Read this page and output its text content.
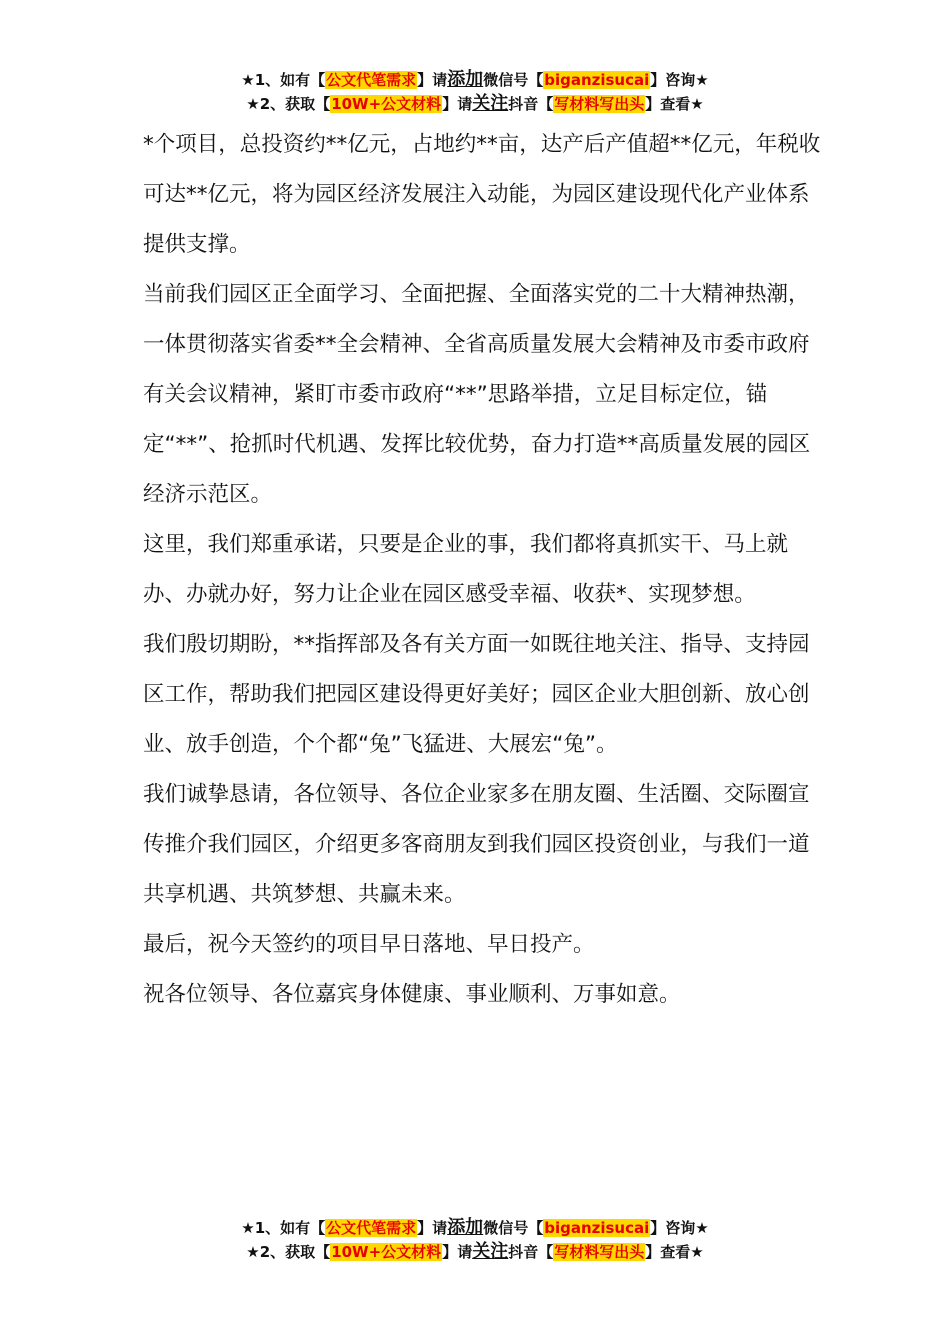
★1、如有【公文代笔需求】请添加微信号【biganzisucai】咨询★
★2、获取【10W+公文材料】请关注抖音【写材料写出头】查看★

*个项目，总投资约**亿元，占地约**亩，达产后产值超**亿元，年税收可达**亿元，将为园区经济发展注入动能，为园区建设现代化产业体系提供支撑。

当前我们园区正全面学习、全面把握、全面落实党的二十大精神热潮，一体贯彻落实省委**全会精神、全省高质量发展大会精神及市委市政府有关会议精神，紧盯市委市政府“**”思路举措，立足目标定位，锚定“**”、抢抓时代机遇、发挥比较优势，奋力打造**高质量发展的园区经济示范区。

这里，我们郑重承诺，只要是企业的事，我们都将真抓实干、马上就办、办就办好，努力让企业在园区感受幸福、收获*、实现梦想。

我们殷切期盼，**指挥部及各有关方面一如既往地关注、指导、支持园区工作，帮助我们把园区建设得更好美好；园区企业大胆创新、放心创业、放手创造，个个都“兔”飞猛进、大展宏“兔”。

我们诚挚恳请，各位领导、各位企业家多在朋友圈、生活圈、交际圈宣传推介我们园区，介绍更多客商朋友到我们园区投资创业，与我们一道共享机遇、共筑梦想、共赢未来。

最后，祝今天签约的项目早日落地、早日投产。

祝各位领导、各位嘉宾身体健康、事业顺利、万事如意。

★1、如有【公文代笔需求】请添加微信号【biganzisucai】咨询★
★2、获取【10W+公文材料】请关注抖音【写材料写出头】查看★
